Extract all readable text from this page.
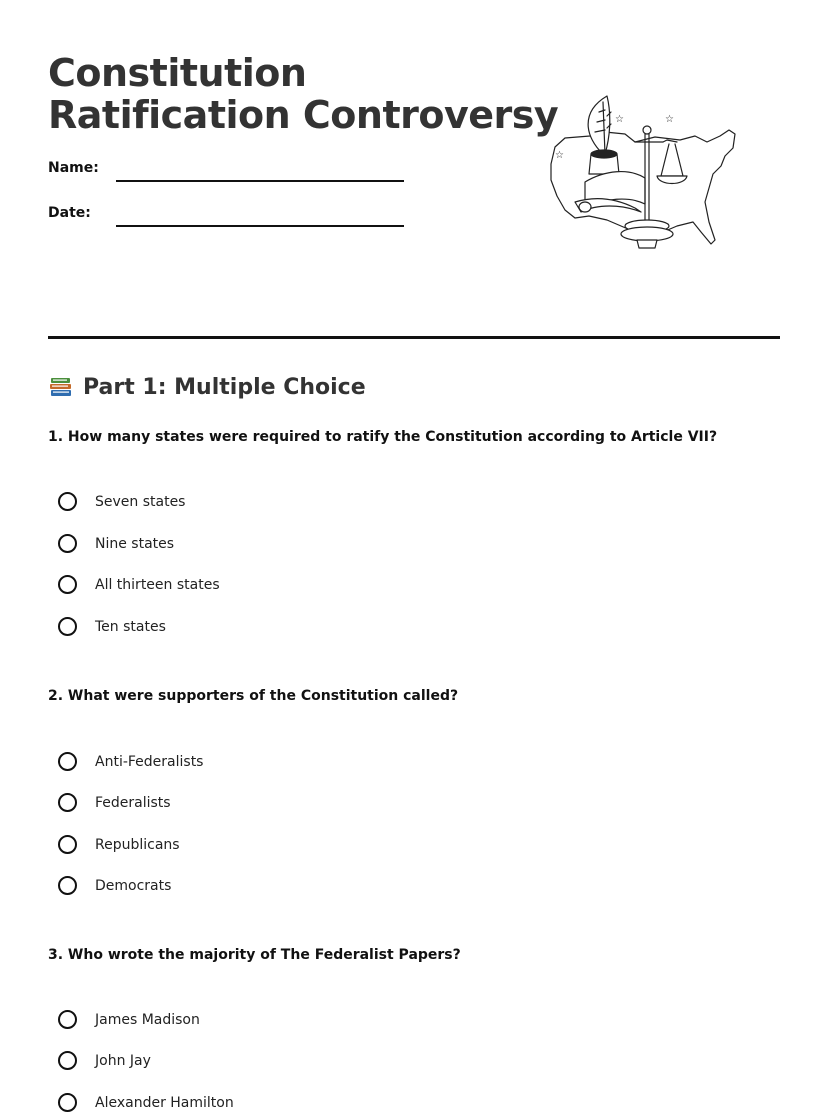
Constitution
Ratification Controversy
Name:
Date:
☆	☆
☆
Part 1: Multiple Choice

1. How many states were required to ratify the Constitution according to Article VII?

Seven states
Nine states
All thirteen states
Ten states

2. What were supporters of the Constitution called?

Anti-Federalists
Federalists
Republicans
Democrats

3. Who wrote the majority of The Federalist Papers?

James Madison
John Jay
Alexander Hamilton
